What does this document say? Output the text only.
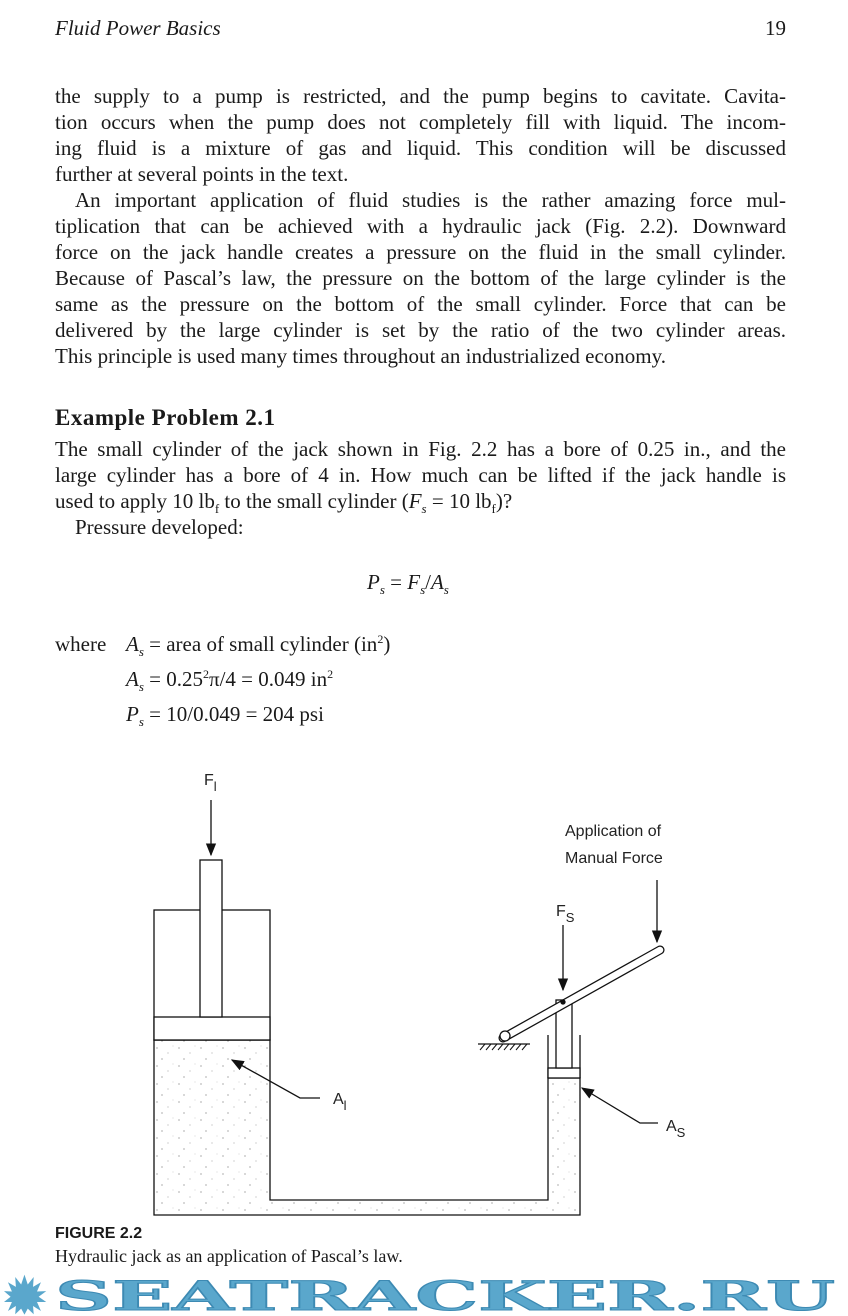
Fluid Power Basics	19
the supply to a pump is restricted, and the pump begins to cavitate. Cavita-
tion occurs when the pump does not completely fill with liquid. The incom-
ing fluid is a mixture of gas and liquid. This condition will be discussed
further at several points in the text.
An important application of fluid studies is the rather amazing force mul-
tiplication that can be achieved with a hydraulic jack (Fig. 2.2). Downward
force on the jack handle creates a pressure on the fluid in the small cylinder.
Because of Pascal’s law, the pressure on the bottom of the large cylinder is the
same as the pressure on the bottom of the small cylinder. Force that can be
delivered by the large cylinder is set by the ratio of the two cylinder areas.
This principle is used many times throughout an industrialized economy.
Example Problem 2.1
The small cylinder of the jack shown in Fig. 2.2 has a bore of 0.25 in., and the
large cylinder has a bore of 4 in. How much can be lifted if the jack handle is
used to apply 10 $lb_f$ to the small cylinder ($F_s = 10$ $lb_f$)?
Pressure developed:
$P_s = F_s/A_s$
where $A_s$ = area of small cylinder $(in^2)$
$A_s = 0.25^2\pi/4 = 0.049$ $in^2$
$P_s = 10/0.049 = 204$ psi
$F_l$
$F_S$
$A_l$
$A_S$
Application of
Manual Force
SEATRACKER.RU
FIGURE 2.2
Hydraulic jack as an application of Pascal’s law.
